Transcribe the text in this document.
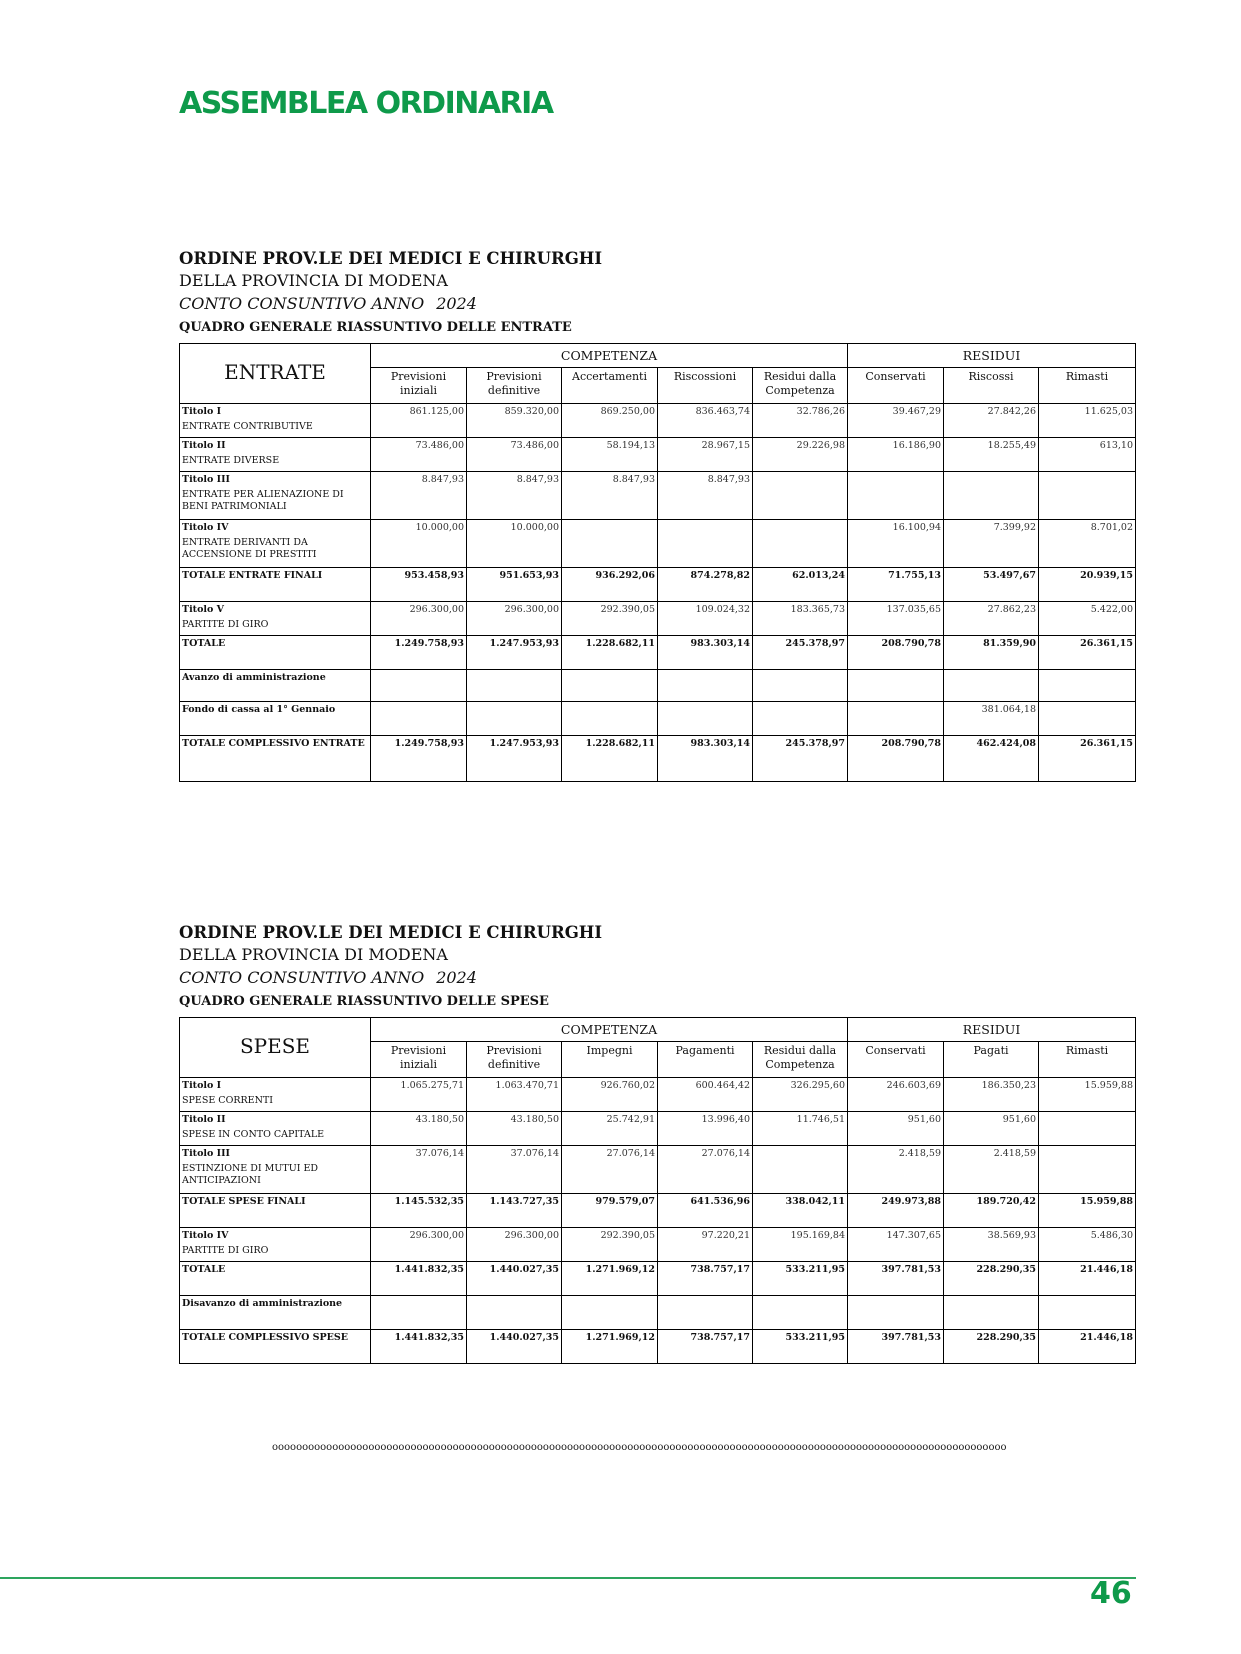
ASSEMBLEA ORDINARIA
ORDINE PROV.LE DEI MEDICI E CHIRURGHI
DELLA PROVINCIA DI MODENA
CONTO CONSUNTIVO ANNO 2024
QUADRO GENERALE RIASSUNTIVO DELLE ENTRATE
ENTRATE	COMPETENZA					RESIDUI		
	Previsioni iniziali	Previsioni definitive	Accertamenti	Riscossioni	Residui dalla Competenza	Conservati	Riscossi	Rimasti

Titolo I
ENTRATE CONTRIBUTIVE	861.125,00	859.320,00	869.250,00	836.463,74	32.786,26	39.467,29	27.842,26	11.625,03

Titolo II
ENTRATE DIVERSE	73.486,00	73.486,00	58.194,13	28.967,15	29.226,98	16.186,90	18.255,49	613,10

Titolo III
ENTRATE PER ALIENAZIONE DI BENI PATRIMONIALI	8.847,93	8.847,93	8.847,93	8.847,93				

Titolo IV
ENTRATE DERIVANTI DA ACCENSIONE DI PRESTITI	10.000,00	10.000,00				16.100,94	7.399,92	8.701,02

TOTALE ENTRATE FINALI	953.458,93	951.653,93	936.292,06	874.278,82	62.013,24	71.755,13	53.497,67	20.939,15

Titolo V
PARTITE DI GIRO	296.300,00	296.300,00	292.390,05	109.024,32	183.365,73	137.035,65	27.862,23	5.422,00

TOTALE	1.249.758,93	1.247.953,93	1.228.682,11	983.303,14	245.378,97	208.790,78	81.359,90	26.361,15

Avanzo di amministrazione								

Fondo di cassa al 1° Gennaio							381.064,18	

TOTALE COMPLESSIVO ENTRATE	1.249.758,93	1.247.953,93	1.228.682,11	983.303,14	245.378,97	208.790,78	462.424,08	26.361,15
ORDINE PROV.LE DEI MEDICI E CHIRURGHI
DELLA PROVINCIA DI MODENA
CONTO CONSUNTIVO ANNO 2024
QUADRO GENERALE RIASSUNTIVO DELLE SPESE
SPESE	COMPETENZA					RESIDUI		
	Previsioni iniziali	Previsioni definitive	Impegni	Pagamenti	Residui dalla Competenza	Conservati	Pagati	Rimasti

Titolo I
SPESE CORRENTI	1.065.275,71	1.063.470,71	926.760,02	600.464,42	326.295,60	246.603,69	186.350,23	15.959,88

Titolo II
SPESE IN CONTO CAPITALE	43.180,50	43.180,50	25.742,91	13.996,40	11.746,51	951,60	951,60	

Titolo III
ESTINZIONE DI MUTUI ED ANTICIPAZIONI	37.076,14	37.076,14	27.076,14	27.076,14		2.418,59	2.418,59	

TOTALE SPESE FINALI	1.145.532,35	1.143.727,35	979.579,07	641.536,96	338.042,11	249.973,88	189.720,42	15.959,88

Titolo IV
PARTITE DI GIRO	296.300,00	296.300,00	292.390,05	97.220,21	195.169,84	147.307,65	38.569,93	5.486,30

TOTALE	1.441.832,35	1.440.027,35	1.271.969,12	738.757,17	533.211,95	397.781,53	228.290,35	21.446,18

Disavanzo di amministrazione								

TOTALE COMPLESSIVO SPESE	1.441.832,35	1.440.027,35	1.271.969,12	738.757,17	533.211,95	397.781,53	228.290,35	21.446,18
oooooooooooooooooooooooooooooooooooooooooooooooooooooooooooooooooooooooooooooooooooooooooooooooooooooooooooooooooooooooooo
46
